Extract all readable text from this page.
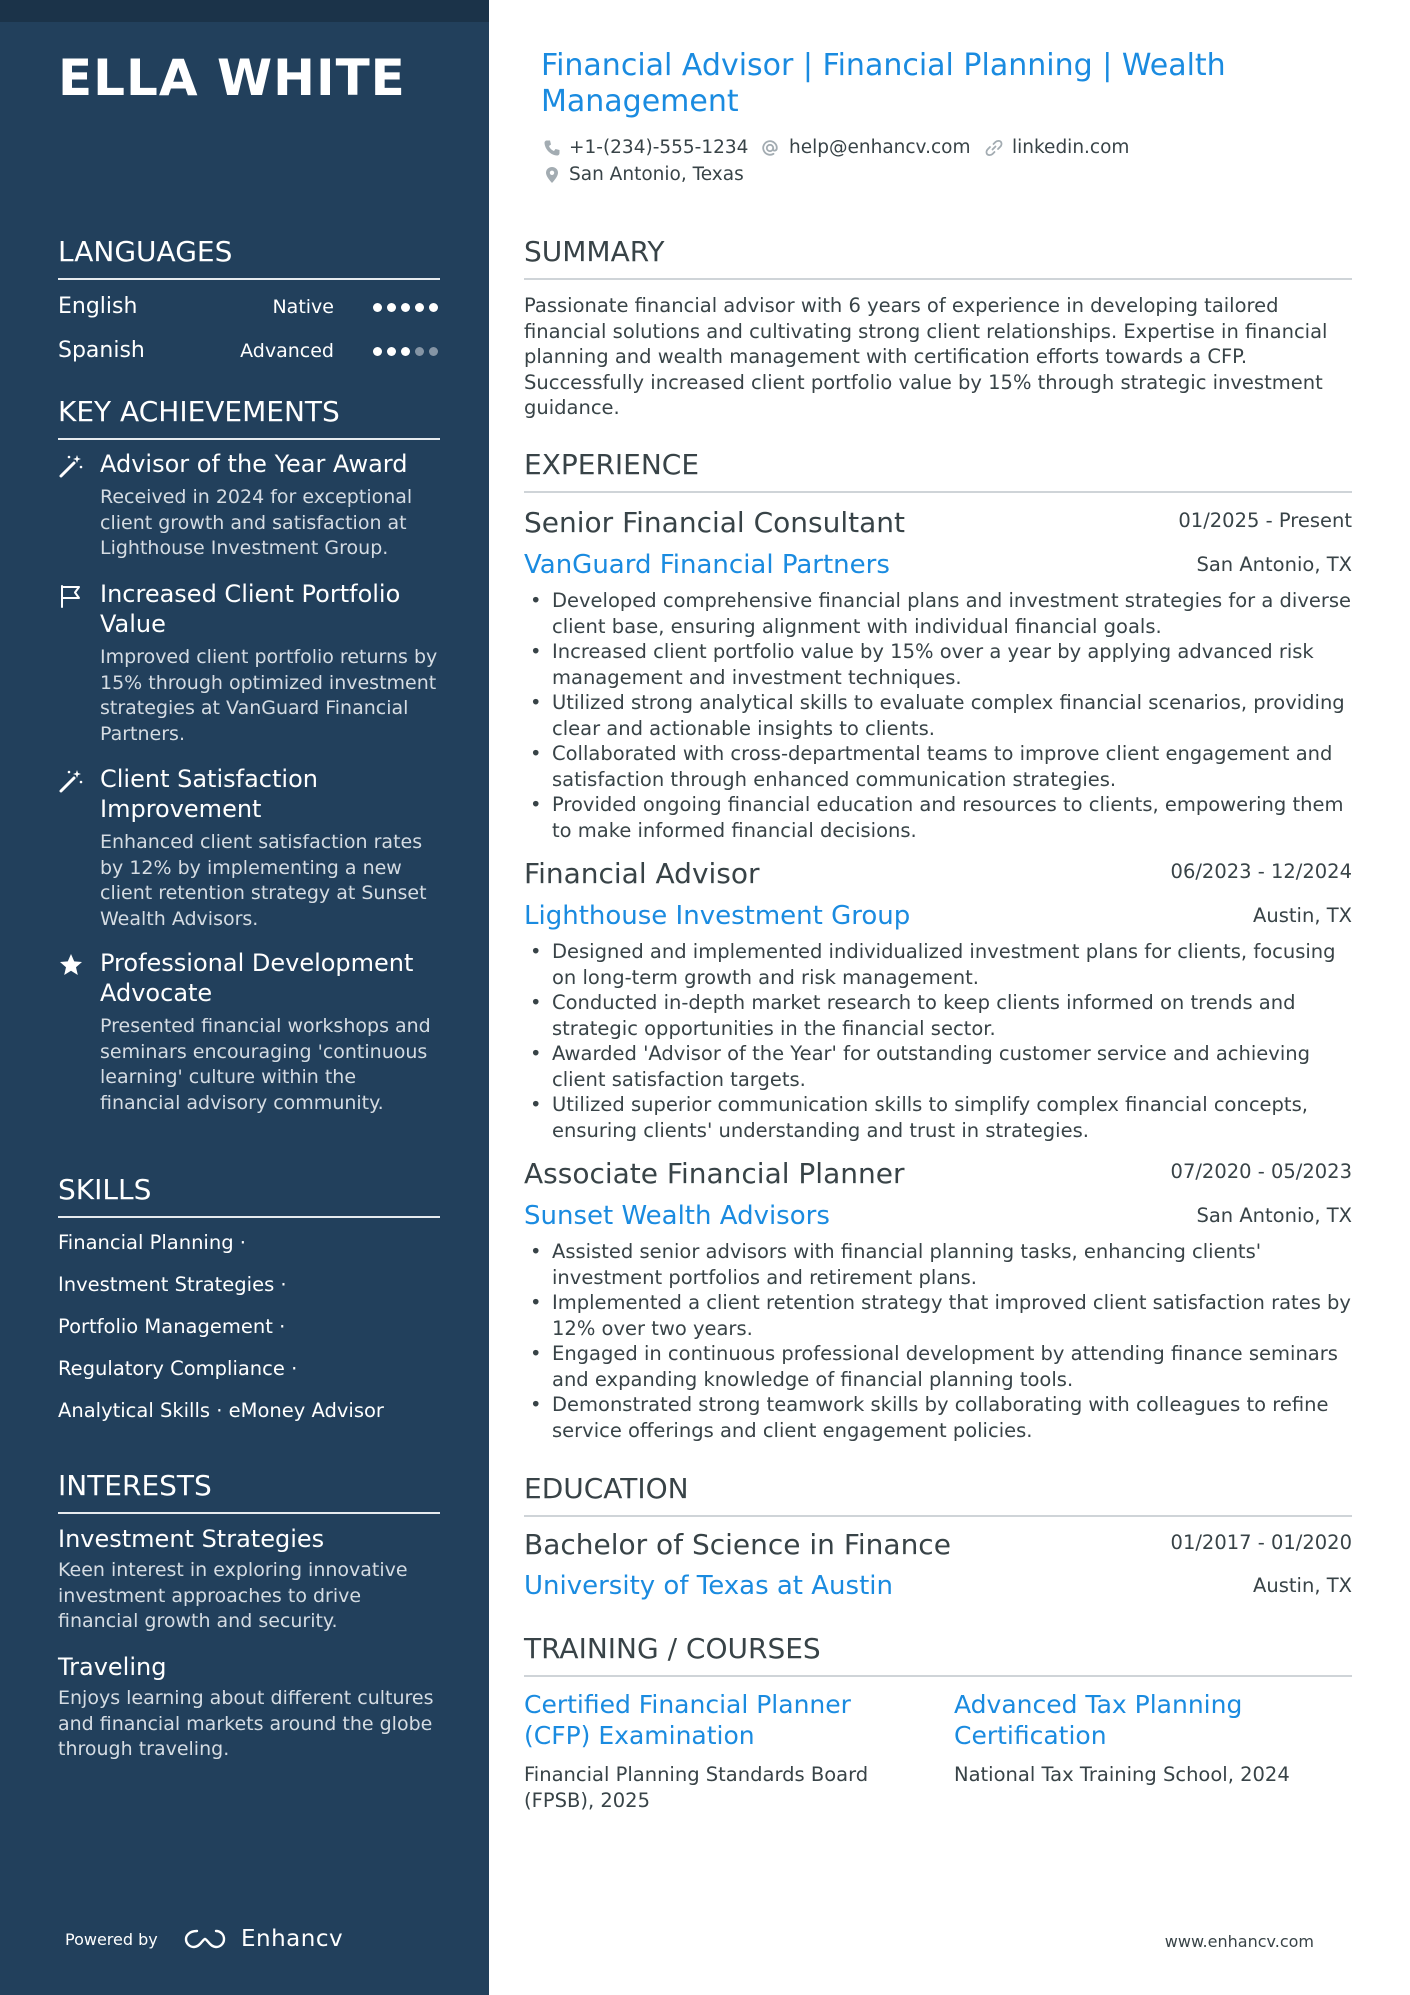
ELLA WHITE
LANGUAGES
English	Native
Spanish	Advanced
KEY ACHIEVEMENTS
Advisor of the Year Award
Received in 2024 for exceptional client growth and satisfaction at Lighthouse Investment Group.
Increased Client Portfolio Value
Improved client portfolio returns by 15% through optimized investment strategies at VanGuard Financial Partners.
Client Satisfaction Improvement
Enhanced client satisfaction rates by 12% by implementing a new client retention strategy at Sunset Wealth Advisors.
Professional Development Advocate
Presented financial workshops and seminars encouraging 'continuous learning' culture within the financial advisory community.
SKILLS
Financial Planning ·
Investment Strategies ·
Portfolio Management ·
Regulatory Compliance ·
Analytical Skills · eMoney Advisor
INTERESTS
Investment Strategies
Keen interest in exploring innovative investment approaches to drive financial growth and security.
Traveling
Enjoys learning about different cultures and financial markets around the globe through traveling.
Powered by	Enhancv
Financial Advisor | Financial Planning | Wealth Management
+1-(234)-555-1234 help@enhancv.com linkedin.com
San Antonio, Texas
SUMMARY

Passionate financial advisor with 6 years of experience in developing tailored financial solutions and cultivating strong client relationships. Expertise in financial planning and wealth management with certification efforts towards a CFP. Successfully increased client portfolio value by 15% through strategic investment guidance.

EXPERIENCE
Senior Financial Consultant	01/2025 - Present
VanGuard Financial Partners	San Antonio, TX
• Developed comprehensive financial plans and investment strategies for a diverse client base, ensuring alignment with individual financial goals.
• Increased client portfolio value by 15% over a year by applying advanced risk management and investment techniques.
• Utilized strong analytical skills to evaluate complex financial scenarios, providing clear and actionable insights to clients.
• Collaborated with cross-departmental teams to improve client engagement and satisfaction through enhanced communication strategies.
• Provided ongoing financial education and resources to clients, empowering them to make informed financial decisions.
Financial Advisor	06/2023 - 12/2024
Lighthouse Investment Group	Austin, TX
• Designed and implemented individualized investment plans for clients, focusing on long-term growth and risk management.
• Conducted in-depth market research to keep clients informed on trends and strategic opportunities in the financial sector.
• Awarded 'Advisor of the Year' for outstanding customer service and achieving client satisfaction targets.
• Utilized superior communication skills to simplify complex financial concepts, ensuring clients' understanding and trust in strategies.
Associate Financial Planner	07/2020 - 05/2023
Sunset Wealth Advisors	San Antonio, TX
• Assisted senior advisors with financial planning tasks, enhancing clients' investment portfolios and retirement plans.
• Implemented a client retention strategy that improved client satisfaction rates by 12% over two years.
• Engaged in continuous professional development by attending finance seminars and expanding knowledge of financial planning tools.
• Demonstrated strong teamwork skills by collaborating with colleagues to refine service offerings and client engagement policies.
EDUCATION
Bachelor of Science in Finance	01/2017 - 01/2020
University of Texas at Austin	Austin, TX
TRAINING / COURSES
Certified Financial Planner (CFP) Examination
Financial Planning Standards Board (FPSB), 2025
Advanced Tax Planning Certification
National Tax Training School, 2024
www.enhancv.com
